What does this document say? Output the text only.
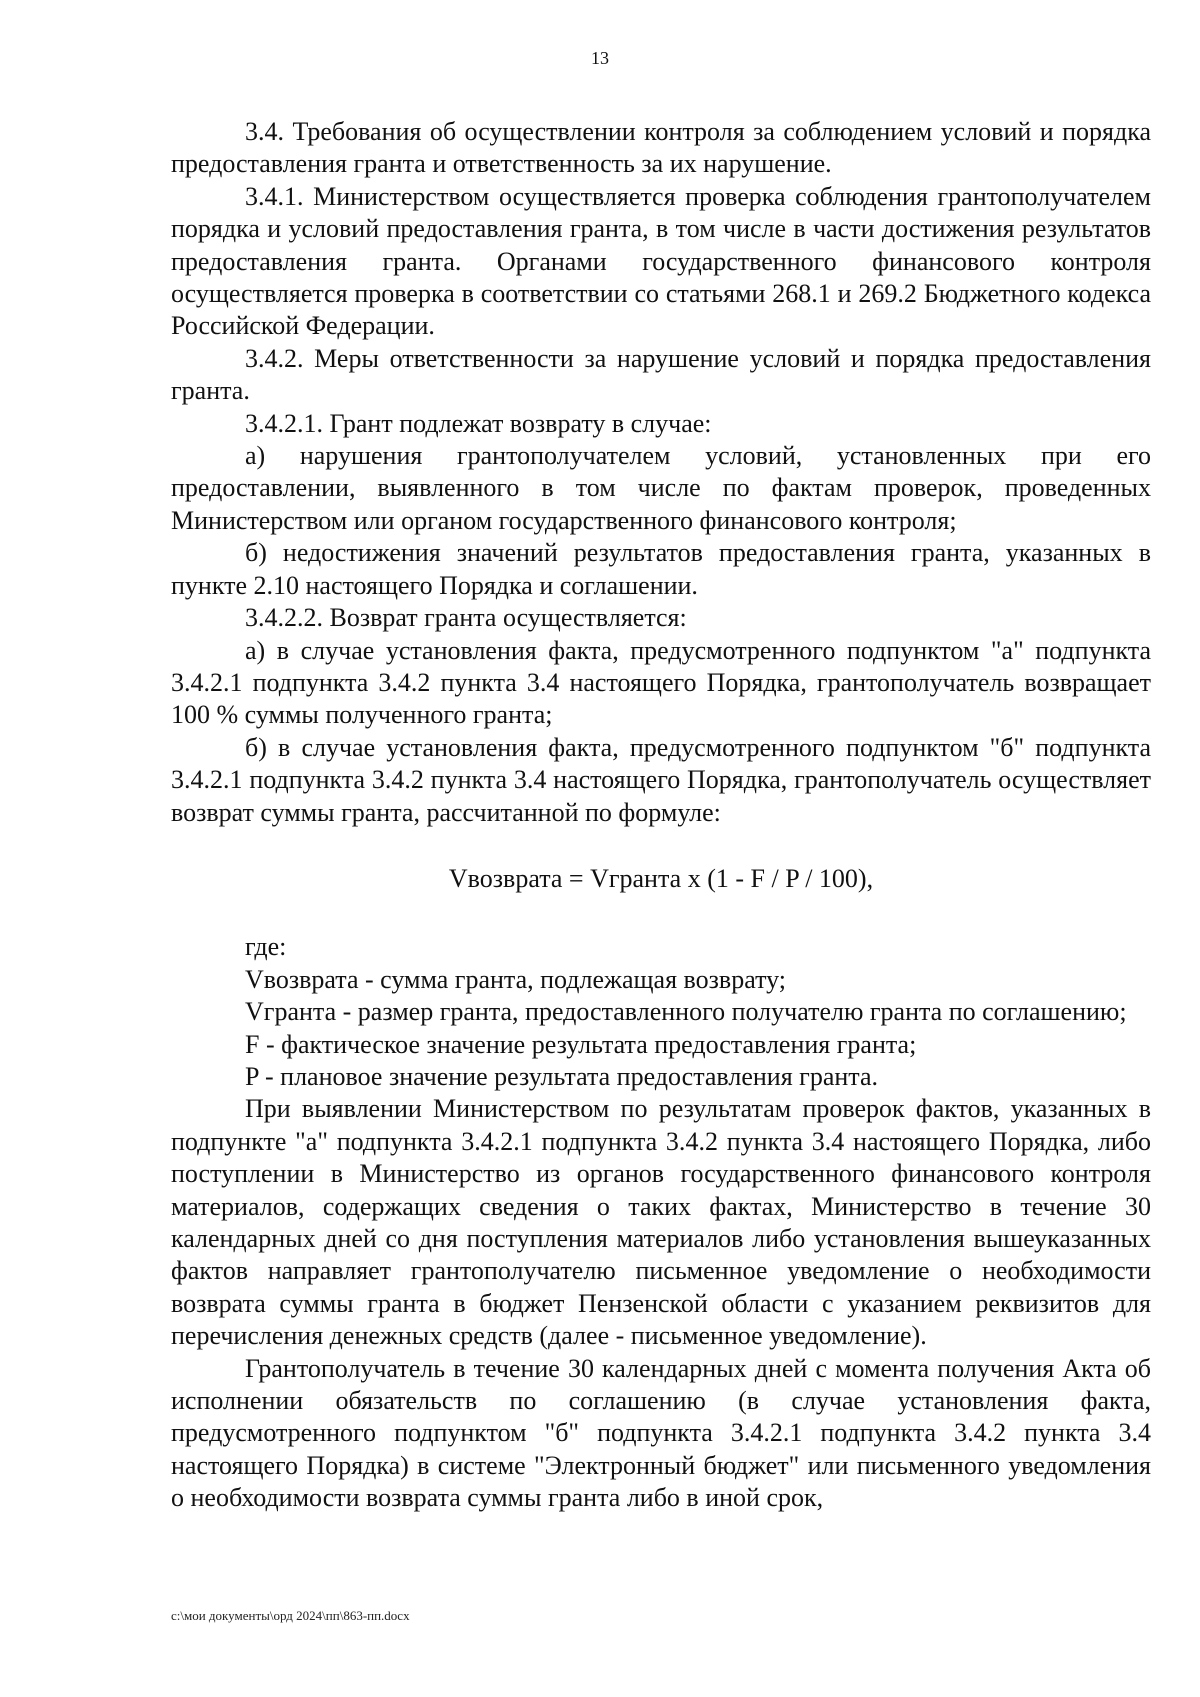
13

3.4. Требования об осуществлении контроля за соблюдением условий и порядка предоставления гранта и ответственность за их нарушение.

3.4.1. Министерством осуществляется проверка соблюдения грантополучателем порядка и условий предоставления гранта, в том числе в части достижения результатов предоставления гранта. Органами государственного финансового контроля осуществляется проверка в соответствии со статьями 268.1 и 269.2 Бюджетного кодекса Российской Федерации.

3.4.2. Меры ответственности за нарушение условий и порядка предоставления гранта.

3.4.2.1. Грант подлежат возврату в случае:

а) нарушения грантополучателем условий, установленных при его предоставлении, выявленного в том числе по фактам проверок, проведенных Министерством или органом государственного финансового контроля;

б) недостижения значений результатов предоставления гранта, указанных в пункте 2.10 настоящего Порядка и соглашении.

3.4.2.2. Возврат гранта осуществляется:

а) в случае установления факта, предусмотренного подпунктом "а" подпункта 3.4.2.1 подпункта 3.4.2 пункта 3.4 настоящего Порядка, грантополучатель возвращает 100 % суммы полученного гранта;

б) в случае установления факта, предусмотренного подпунктом "б" подпункта 3.4.2.1 подпункта 3.4.2 пункта 3.4 настоящего Порядка, грантополучатель осуществляет возврат суммы гранта, рассчитанной по формуле:

Vвозврата = Vгранта x (1 - F / P / 100),

где:

Vвозврата - сумма гранта, подлежащая возврату;

Vгранта - размер гранта, предоставленного получателю гранта по соглашению;

F - фактическое значение результата предоставления гранта;

P - плановое значение результата предоставления гранта.

При выявлении Министерством по результатам проверок фактов, указанных в подпункте "а" подпункта 3.4.2.1 подпункта 3.4.2 пункта 3.4 настоящего Порядка, либо поступлении в Министерство из органов государственного финансового контроля материалов, содержащих сведения о таких фактах, Министерство в течение 30 календарных дней со дня поступления материалов либо установления вышеуказанных фактов направляет грантополучателю письменное уведомление о необходимости возврата суммы гранта в бюджет Пензенской области с указанием реквизитов для перечисления денежных средств (далее - письменное уведомление).

Грантополучатель в течение 30 календарных дней с момента получения Акта об исполнении обязательств по соглашению (в случае установления факта, предусмотренного подпунктом "б" подпункта 3.4.2.1 подпункта 3.4.2 пункта 3.4 настоящего Порядка) в системе "Электронный бюджет" или письменного уведомления о необходимости возврата суммы гранта либо в иной срок,

c:\мои документы\орд 2024\пп\863-пп.docx
